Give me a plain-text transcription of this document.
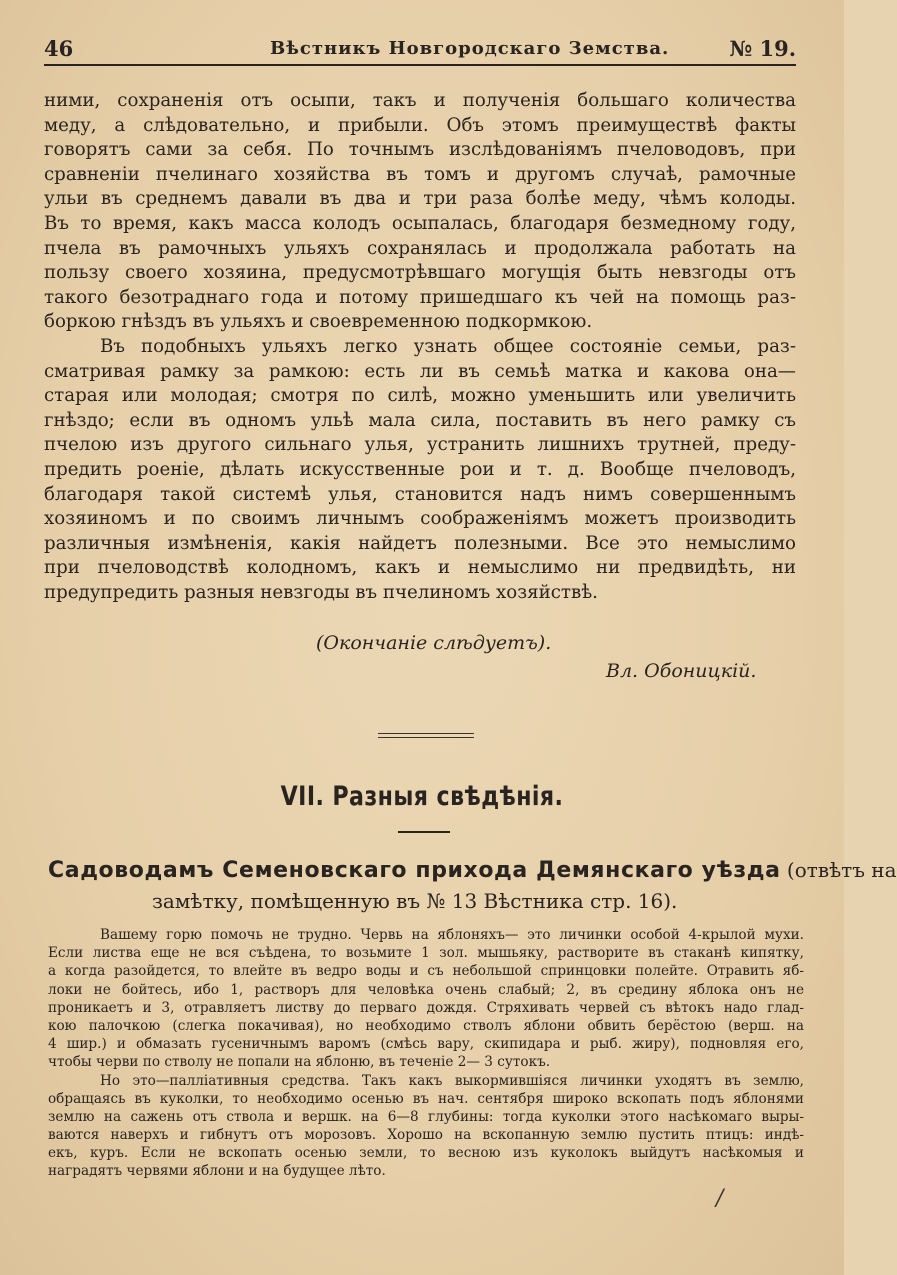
46	Вѣстникъ Новгородскаго Земства.	№ 19.
ними, сохраненія отъ осыпи, такъ и полученія большаго количества
меду, а слѣдовательно, и прибыли. Объ этомъ преимуществѣ факты
говорятъ сами за себя. По точнымъ изслѣдованіямъ пчеловодовъ, при
сравненіи пчелинаго хозяйства въ томъ и другомъ случаѣ, рамочные
ульи въ среднемъ давали въ два и три раза болѣе меду, чѣмъ колоды.
Въ то время, какъ масса колодъ осыпалась, благодаря безмедному году,
пчела въ рамочныхъ ульяхъ сохранялась и продолжала работать на
пользу своего хозяина, предусмотрѣвшаго могущія быть невзгоды отъ
такого безотраднаго года и потому пришедшаго къ чей на помощь раз-
боркою гнѣздъ въ ульяхъ и своевременною подкормкою.
Въ подобныхъ ульяхъ легко узнать общее состояніе семьи, раз-
сматривая рамку за рамкою: есть ли въ семьѣ матка и какова она—
старая или молодая; смотря по силѣ, можно уменьшить или увеличить
гнѣздо; если въ одномъ ульѣ мала сила, поставить въ него рамку съ
пчелою изъ другого сильнаго улья, устранить лишнихъ трутней, преду-
предить роеніе, дѣлать искусственные рои и т. д. Вообще пчеловодъ,
благодаря такой системѣ улья, становится надъ нимъ совершеннымъ
хозяиномъ и по своимъ личнымъ соображеніямъ можетъ производить
различныя измѣненія, какія найдетъ полезными. Все это немыслимо
при пчеловодствѣ колодномъ, какъ и немыслимо ни предвидѣть, ни
предупредить разныя невзгоды въ пчелиномъ хозяйствѣ.
(Окончаніе слѣдуетъ).
Вл. Обоницкій.
VII. Разныя свѣдѣнія.
Садоводамъ Семеновскаго прихода Демянскаго уѣзда (отвѣтъ на
замѣтку, помѣщенную въ № 13 Вѣстника стр. 16).
Вашему горю помочь не трудно. Червь на яблоняхъ— это личинки особой 4-крылой мухи.
Если листва еще не вся съѣдена, то возьмите 1 зол. мышьяку, растворите въ стаканѣ кипятку,
а когда разойдется, то влейте въ ведро воды и съ небольшой спринцовки полейте. Отравить яб-
локи не бойтесь, ибо 1, растворъ для человѣка очень слабый; 2, въ средину яблока онъ не
проникаетъ и 3, отравляетъ листву до перваго дождя. Стряхивать червей съ вѣтокъ надо глад-
кою палочкою (слегка покачивая), но необходимо стволъ яблони обвить берёстою (верш. на
4 шир.) и обмазать гусеничнымъ варомъ (смѣсь вару, скипидара и рыб. жиру), подновляя его,
чтобы черви по стволу не попали на яблоню, въ теченіе 2— 3 сутокъ.
Но это—паллiативныя средства. Такъ какъ выкормившiяся личинки уходятъ въ землю,
обращаясь въ куколки, то необходимо осенью въ нач. сентября широко вскопать подъ яблонями
землю на сажень отъ ствола и вершк. на 6—8 глубины: тогда куколки этого насѣкомаго выры-
ваются наверхъ и гибнутъ отъ морозовъ. Хорошо на вскопанную землю пустить птицъ: индѣ-
екъ, куръ. Если не вскопать осенью земли, то весною изъ куколокъ выйдутъ насѣкомыя и
наградятъ червями яблони и на будущее лѣто.
/
